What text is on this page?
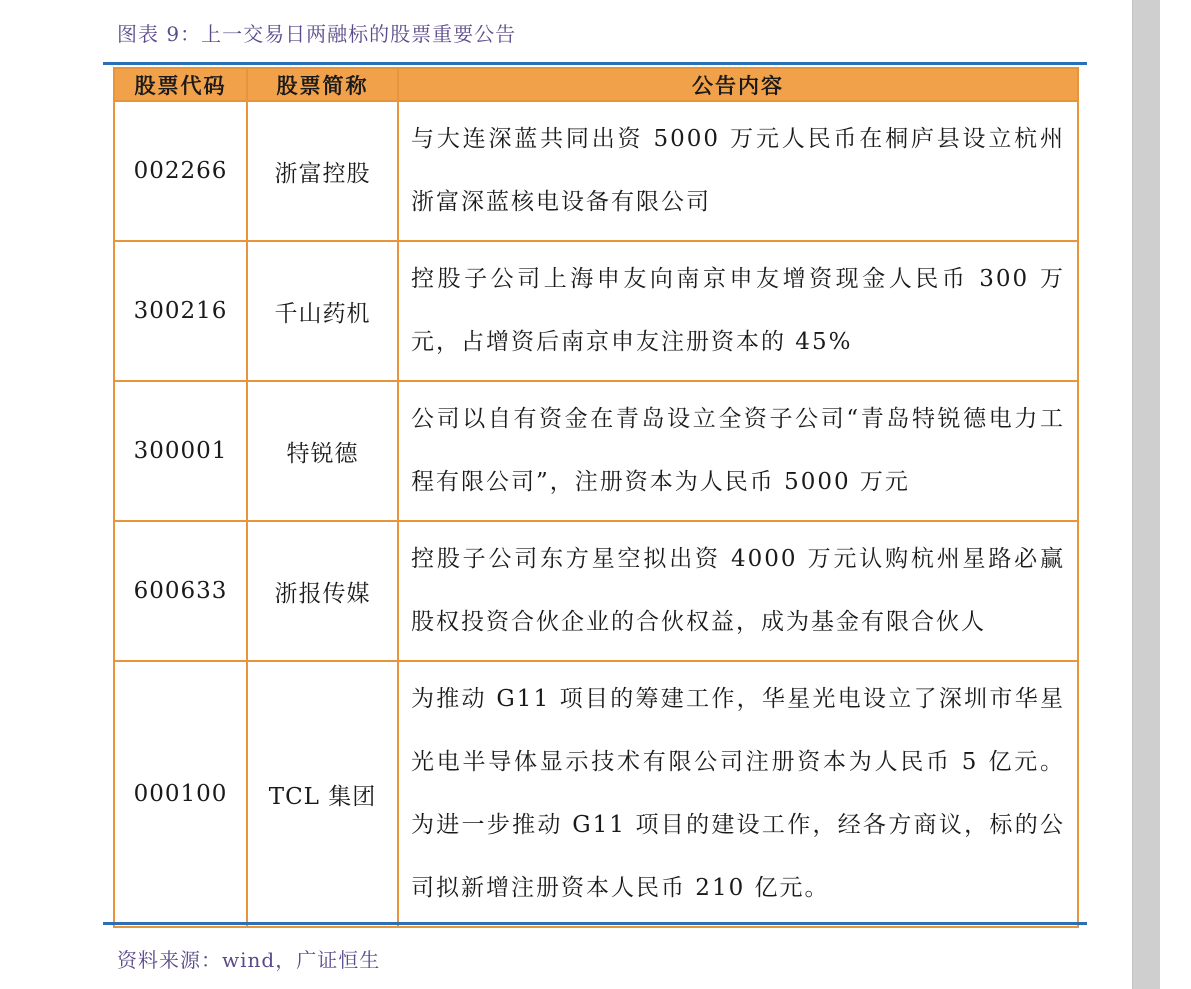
图表 9：上一交易日两融标的股票重要公告
股票代码	股票简称	公告内容
002266	浙富控股	与大连深蓝共同出资 5000 万元人民币在桐庐县设立杭州浙富深蓝核电设备有限公司
300216	千山药机	控股子公司上海申友向南京申友增资现金人民币 300 万元，占增资后南京申友注册资本的 45%
300001	特锐德	公司以自有资金在青岛设立全资子公司“青岛特锐德电力工程有限公司”，注册资本为人民币 5000 万元
600633	浙报传媒	控股子公司东方星空拟出资 4000 万元认购杭州星路必赢股权投资合伙企业的合伙权益，成为基金有限合伙人
000100	TCL 集团	为推动 G11 项目的筹建工作，华星光电设立了深圳市华星光电半导体显示技术有限公司注册资本为人民币 5 亿元。为进一步推动 G11 项目的建设工作，经各方商议，标的公司拟新增注册资本人民币 210 亿元。
资料来源：wind，广证恒生
